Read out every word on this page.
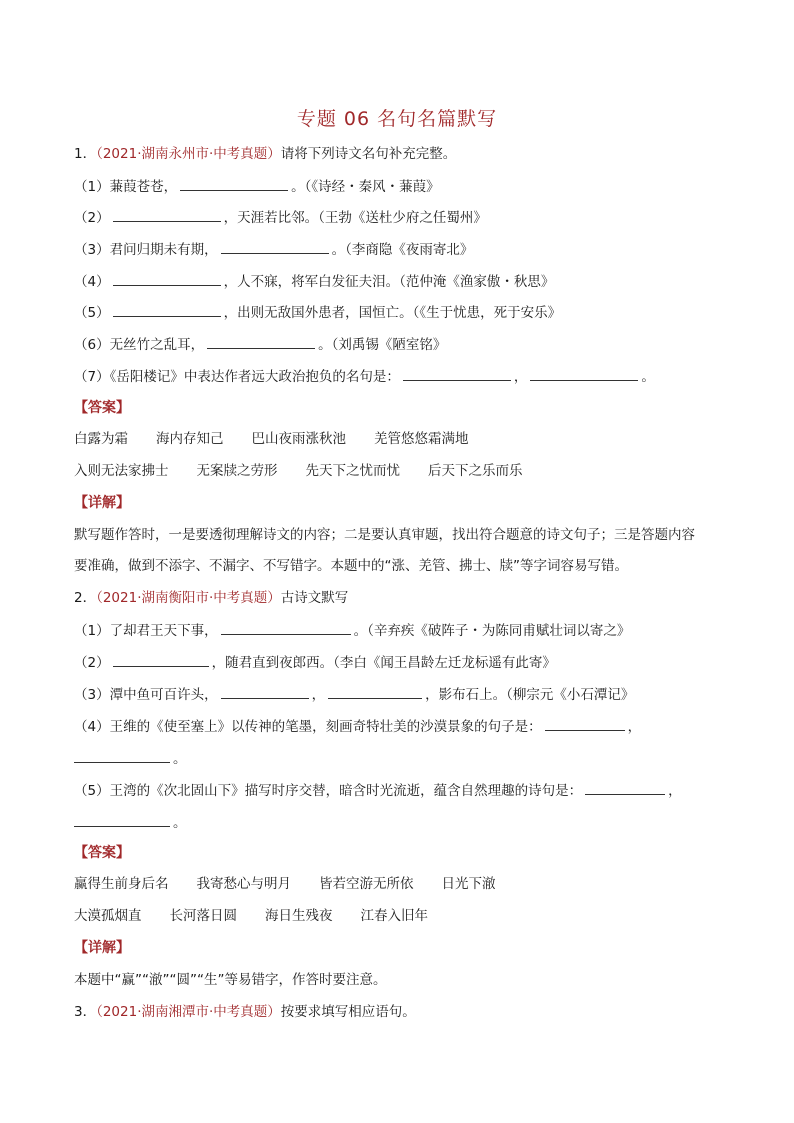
专题 06 名句名篇默写
1．（2021·湖南永州市·中考真题）请将下列诗文名句补充完整。
（1）蒹葭苍苍，	。（《诗经・秦风・蒹葭》
（2）	，天涯若比邻。（王勃《送杜少府之任蜀州》
（3）君问归期未有期，	。（李商隐《夜雨寄北》
（4）	，人不寐，将军白发征夫泪。（范仲淹《渔家傲・秋思》
（5）	，出则无敌国外患者，国恒亡。（《生于忧患，死于安乐》
（6）无丝竹之乱耳，	。（刘禹锡《陋室铭》
（7）《岳阳楼记》中表达作者远大政治抱负的名句是：	，	。
【答案】
白露为霜 海内存知己 巴山夜雨涨秋池 羌管悠悠霜满地
入则无法家拂士 无案牍之劳形 先天下之忧而忧 后天下之乐而乐
【详解】
默写题作答时，一是要透彻理解诗文的内容；二是要认真审题，找出符合题意的诗文句子；三是答题内容
要准确，做到不添字、不漏字、不写错字。本题中的“涨、羌管、拂士、牍”等字词容易写错。
2．（2021·湖南衡阳市·中考真题）古诗文默写
（1）了却君王天下事，	。（辛弃疾《破阵子・为陈同甫赋壮词以寄之》
（2）	，随君直到夜郎西。（李白《闻王昌龄左迁龙标遥有此寄》
（3）潭中鱼可百许头，	，	，影布石上。（柳宗元《小石潭记》
（4）王维的《使至塞上》以传神的笔墨，刻画奇特壮美的沙漠景象的句子是：	，
。
（5）王湾的《次北固山下》描写时序交替，暗含时光流逝，蕴含自然理趣的诗句是：	，
。
【答案】
赢得生前身后名 我寄愁心与明月 皆若空游无所依 日光下澈
大漠孤烟直 长河落日圆 海日生残夜 江春入旧年
【详解】
本题中“赢”“澈”“圆”“生”等易错字，作答时要注意。
3．（2021·湖南湘潭市·中考真题）按要求填写相应语句。
